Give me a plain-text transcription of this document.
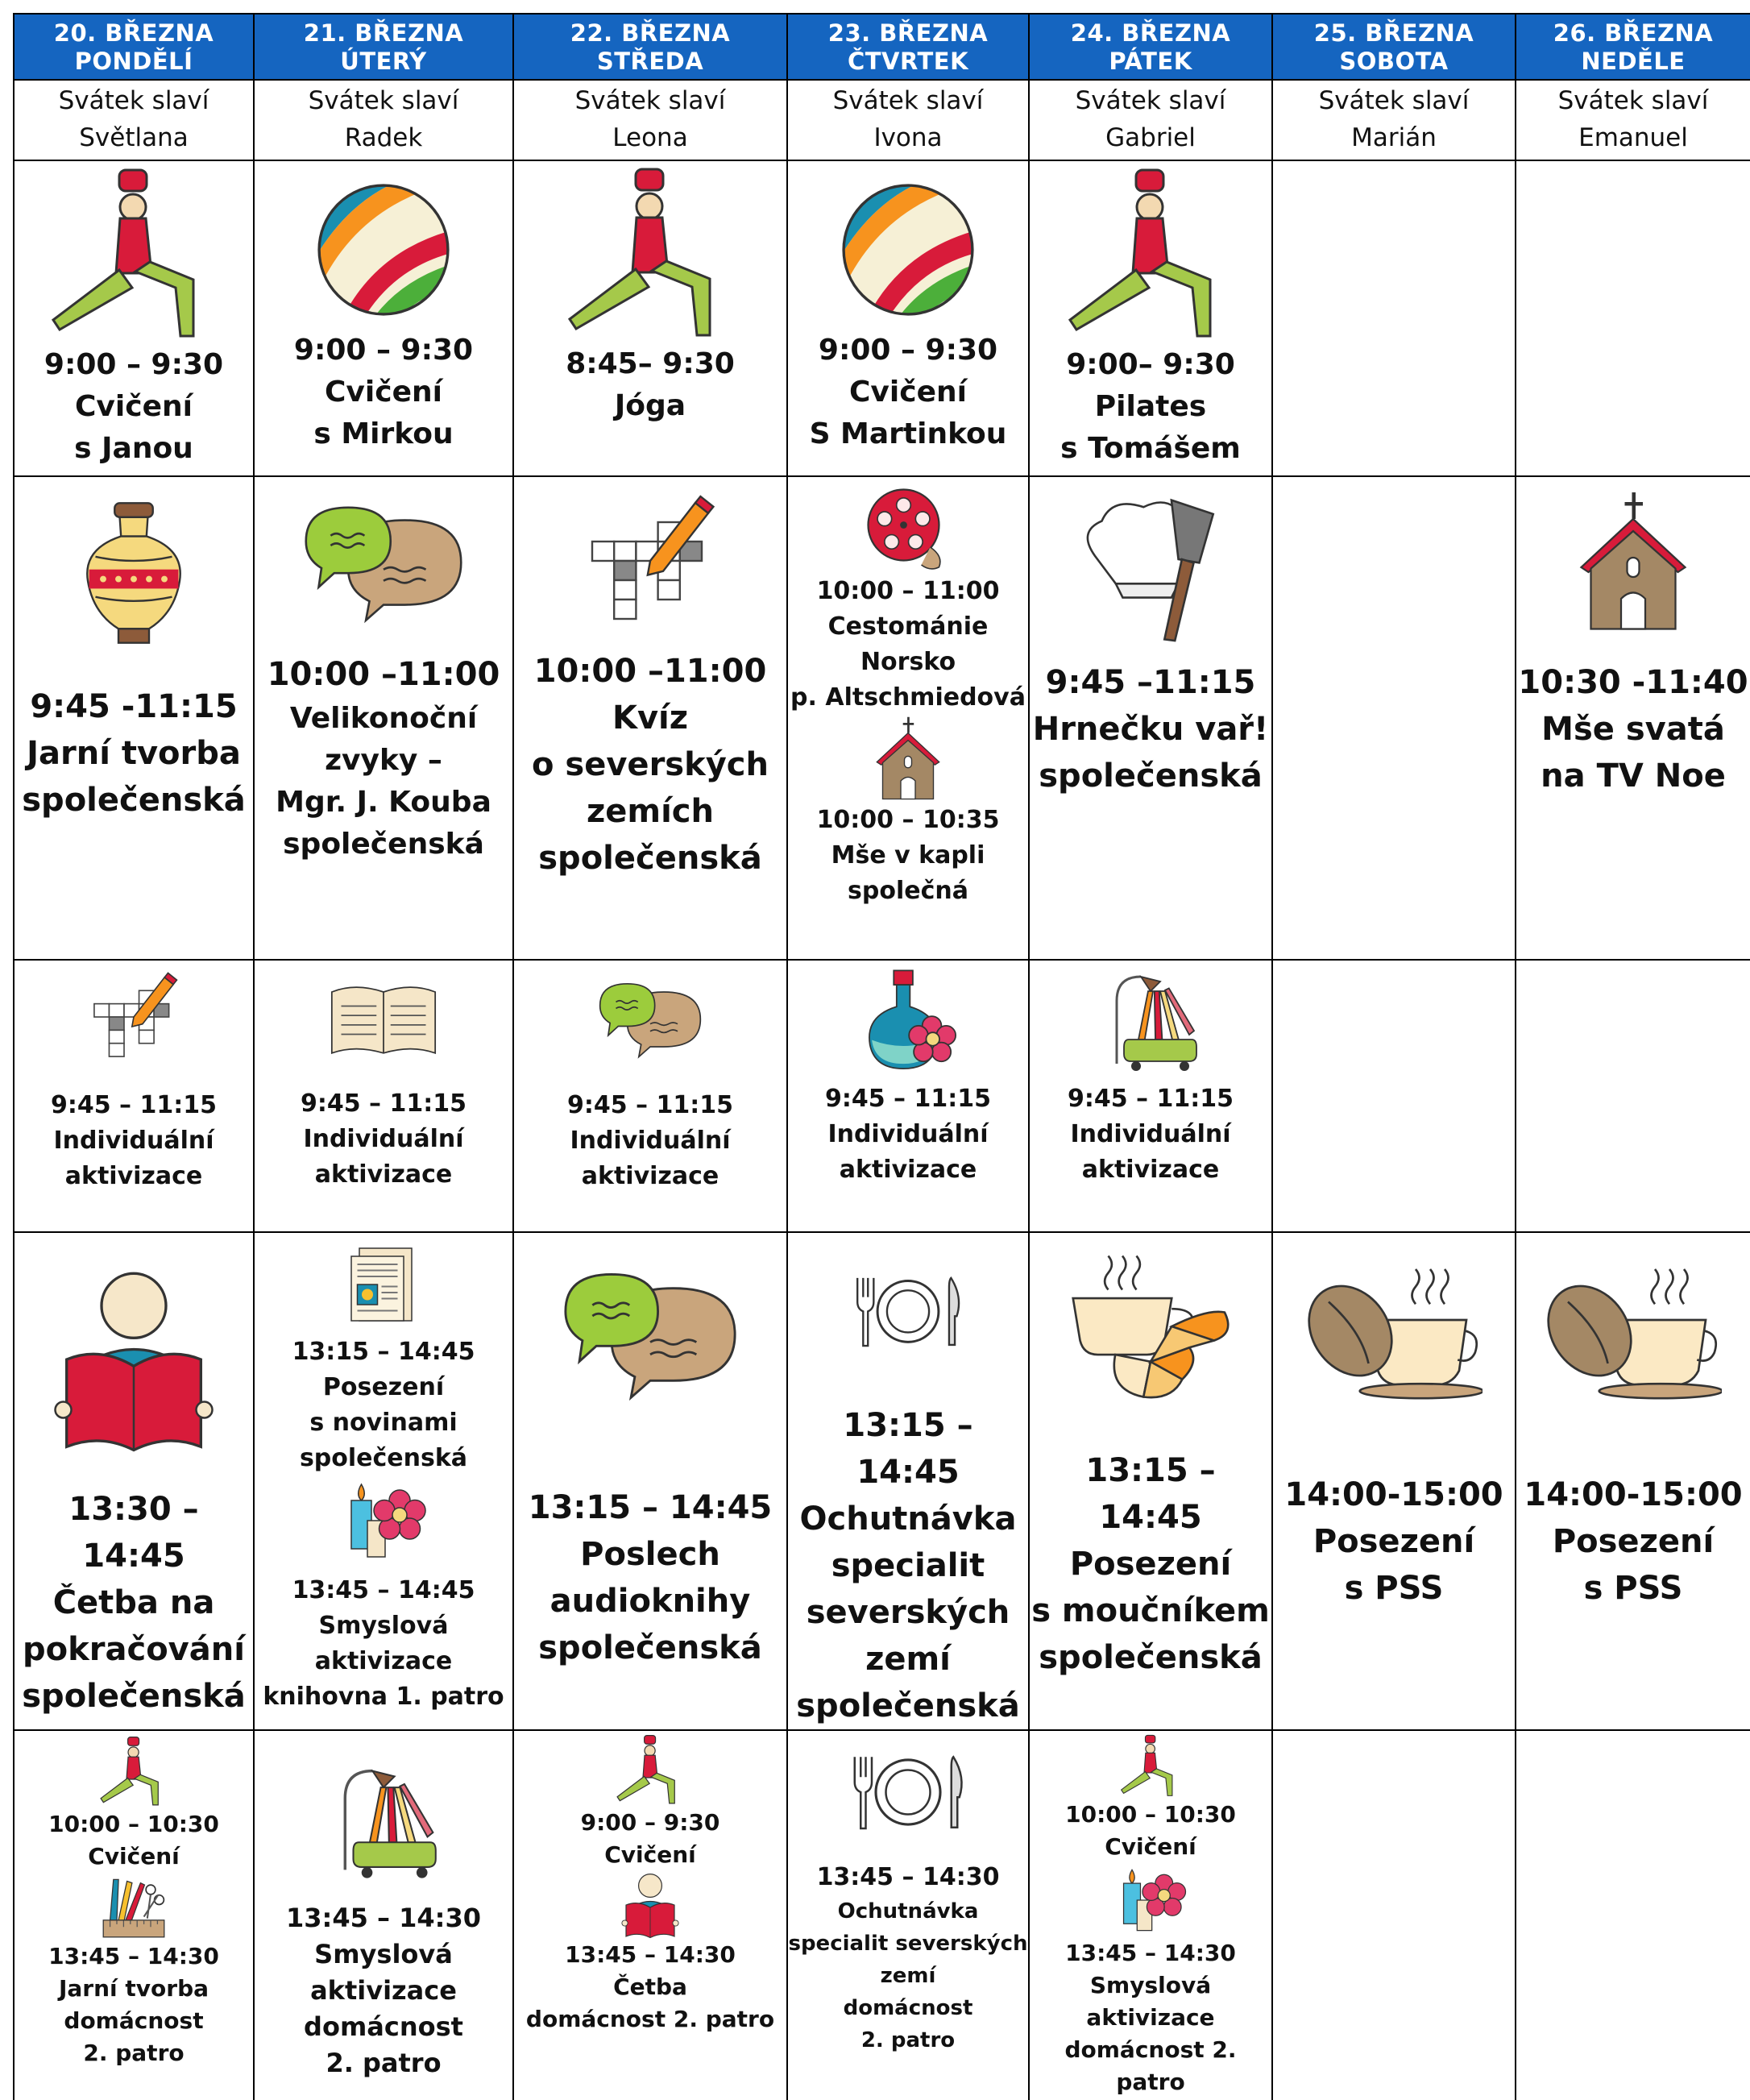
20. BŘEZNA
PONDĚLÍ
21. BŘEZNA
ÚTERÝ
22. BŘEZNA
STŘEDA
23. BŘEZNA
ČTVRTEK
24. BŘEZNA
PÁTEK
25. BŘEZNA
SOBOTA
26. BŘEZNA
NEDĚLE
Svátek slaví
Světlana
Svátek slaví
Radek
Svátek slaví
Leona
Svátek slaví
Ivona
Svátek slaví
Gabriel
Svátek slaví
Marián
Svátek slaví
Emanuel
9:00 – 9:30
Cvičení
s Janou
9:00 – 9:30
Cvičení
s Mirkou
8:45– 9:30
Jóga
9:00 – 9:30
Cvičení
S Martinkou
9:00– 9:30
Pilates
s Tomášem
9:45 -11:15
Jarní tvorba
společenská
10:00 –11:00
Velikonoční
zvyky –
Mgr. J. Kouba
společenská
10:00 –11:00
Kvíz
o severských
zemích
společenská
10:00 – 11:00
Cestománie
Norsko
p. Altschmiedová
10:00 – 10:35
Mše v kapli
společná
9:45 –11:15
Hrnečku vař!
společenská
10:30 -11:40
Mše svatá
na TV Noe
9:45 – 11:15
Individuální
aktivizace
9:45 – 11:15
Individuální
aktivizace
9:45 – 11:15
Individuální
aktivizace
9:45 – 11:15
Individuální
aktivizace
9:45 – 11:15
Individuální
aktivizace
13:30 – 14:45
Četba na
pokračování
společenská
13:15 – 14:45
Posezení
s novinami
společenská
13:45 – 14:45
Smyslová
aktivizace
knihovna 1. patro
13:15 – 14:45
Poslech
audioknihy
společenská
13:15 – 14:45
Ochutnávka
specialit
severských
zemí
společenská
13:15 – 14:45
Posezení
s moučníkem
společenská
14:00-15:00
Posezení
s PSS
14:00-15:00
Posezení
s PSS
10:00 – 10:30
Cvičení
13:45 – 14:30
Jarní tvorba
domácnost
2. patro
13:45 – 14:30
Smyslová
aktivizace
domácnost
2. patro
9:00 – 9:30
Cvičení
13:45 – 14:30
Četba
domácnost 2. patro
13:45 – 14:30
Ochutnávka
specialit severských
zemí
domácnost
2. patro
10:00 – 10:30
Cvičení
13:45 – 14:30
Smyslová
aktivizace
domácnost 2. patro
